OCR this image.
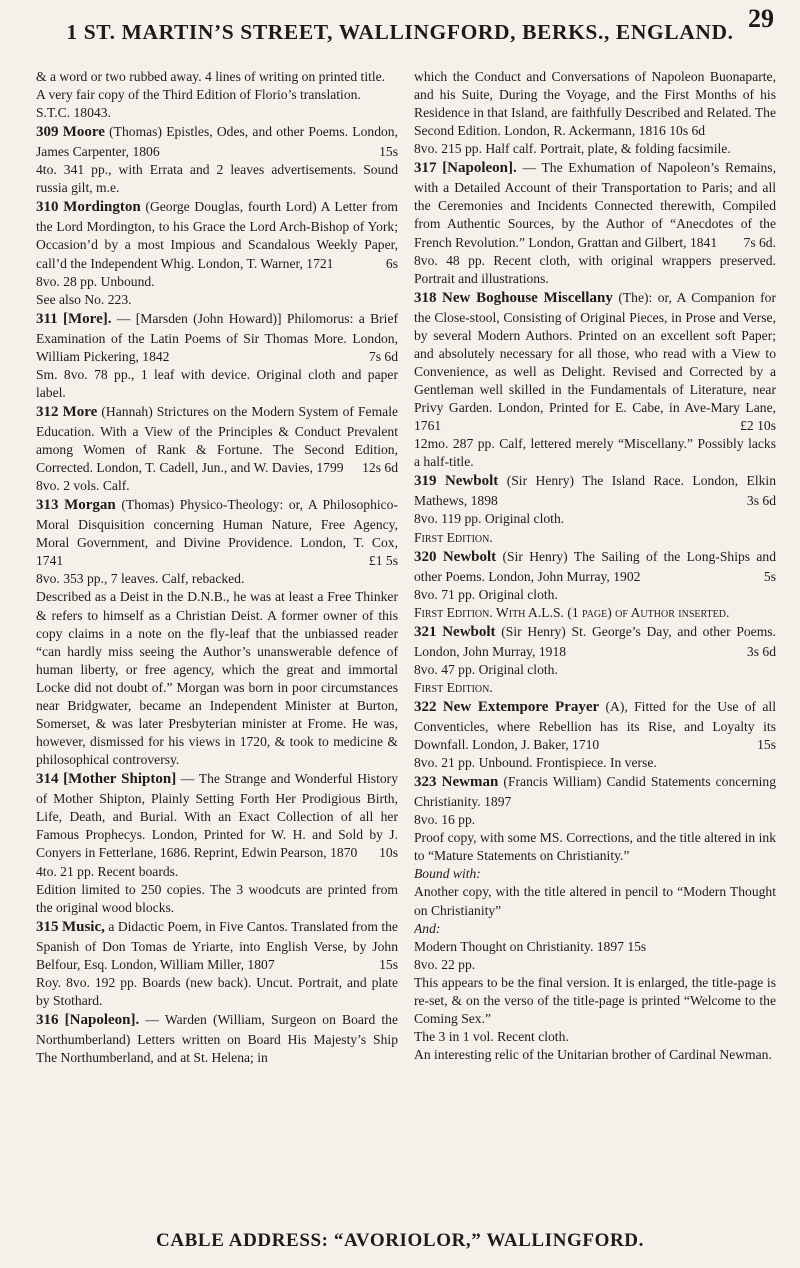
29
1 ST. MARTIN’S STREET, WALLINGFORD, BERKS., ENGLAND.

& a word or two rubbed away. 4 lines of writing on printed title.

A very fair copy of the Third Edition of Florio’s translation.

S.T.C. 18043.

309 Moore (Thomas) Epistles, Odes, and other Poems. London, James Carpenter, 1806	15s

4to. 341 pp., with Errata and 2 leaves advertisements. Sound russia gilt, m.e.

310 Mordington (George Douglas, fourth Lord) A Letter from the Lord Mordington, to his Grace the Lord Arch-Bishop of York; Occasion’d by a most Impious and Scandalous Weekly Paper, call’d the Independent Whig. London, T. Warner, 1721	6s

8vo. 28 pp. Unbound.

See also No. 223.

311 [More]. — [Marsden (John Howard)] Philomorus: a Brief Examination of the Latin Poems of Sir Thomas More. London, William Pickering, 1842	7s 6d

Sm. 8vo. 78 pp., 1 leaf with device. Original cloth and paper label.

312 More (Hannah) Strictures on the Modern System of Female Education. With a View of the Principles & Conduct Prevalent among Women of Rank & Fortune. The Second Edition, Corrected. London, T. Cadell, Jun., and W. Davies, 1799 12s 6d

8vo. 2 vols. Calf.

313 Morgan (Thomas) Physico-Theology: or, A Philosophico-Moral Disquisition concerning Human Nature, Free Agency, Moral Government, and Divine Providence. London, T. Cox, 1741	£1 5s

8vo. 353 pp., 7 leaves. Calf, rebacked.

Described as a Deist in the D.N.B., he was at least a Free Thinker & refers to himself as a Christian Deist. A former owner of this copy claims in a note on the fly-leaf that the unbiassed reader “can hardly miss seeing the Author’s unanswerable defence of human liberty, or free agency, which the great and immortal Locke did not doubt of.” Morgan was born in poor circumstances near Bridgwater, became an Independent Minister at Burton, Somerset, & was later Presbyterian minister at Frome. He was, however, dismissed for his views in 1720, & took to medicine & philosophical controversy.

314 [Mother Shipton] — The Strange and Wonderful History of Mother Shipton, Plainly Setting Forth Her Prodigious Birth, Life, Death, and Burial. With an Exact Collection of all her Famous Prophecys. London, Printed for W. H. and Sold by J. Conyers in Fetterlane, 1686. Reprint, Edwin Pearson, 1870 10s

4to. 21 pp. Recent boards.

Edition limited to 250 copies. The 3 woodcuts are printed from the original wood blocks.

315 Music, a Didactic Poem, in Five Cantos. Translated from the Spanish of Don Tomas de Yriarte, into English Verse, by John Belfour, Esq. London, William Miller, 1807	15s

Roy. 8vo. 192 pp. Boards (new back). Uncut. Portrait, and plate by Stothard.

316 [Napoleon]. — Warden (William, Surgeon on Board the Northumberland) Letters written on Board His Majesty’s Ship The Northumberland, and at St. Helena; in

which the Conduct and Conversations of Napoleon Buonaparte, and his Suite, During the Voyage, and the First Months of his Residence in that Island, are faithfully Described and Related. The Second Edition. London, R. Ackermann, 1816 10s 6d

8vo. 215 pp. Half calf. Portrait, plate, & folding facsimile.

317 [Napoleon]. — The Exhumation of Napoleon’s Remains, with a Detailed Account of their Transportation to Paris; and all the Ceremonies and Incidents Connected therewith, Compiled from Authentic Sources, by the Author of “Anecdotes of the French Revolution.” London, Grattan and Gilbert, 1841 7s 6d.

8vo. 48 pp. Recent cloth, with original wrappers preserved. Portrait and illustrations.

318 New Boghouse Miscellany (The): or, A Companion for the Close-stool, Consisting of Original Pieces, in Prose and Verse, by several Modern Authors. Printed on an excellent soft Paper; and absolutely necessary for all those, who read with a View to Convenience, as well as Delight. Revised and Corrected by a Gentleman well skilled in the Fundamentals of Literature, near Privy Garden. London, Printed for E. Cabe, in Ave-Mary Lane, 1761	£2 10s

12mo. 287 pp. Calf, lettered merely “Miscellany.” Possibly lacks a half-title.

319 Newbolt (Sir Henry) The Island Race. London, Elkin Mathews, 1898	3s 6d

8vo. 119 pp. Original cloth.

First Edition.

320 Newbolt (Sir Henry) The Sailing of the Long-Ships and other Poems. London, John Murray, 1902	5s

8vo. 71 pp. Original cloth.

First Edition. With A.L.S. (1 page) of Author inserted.

321 Newbolt (Sir Henry) St. George’s Day, and other Poems. London, John Murray, 1918	3s 6d

8vo. 47 pp. Original cloth.

First Edition.

322 New Extempore Prayer (A), Fitted for the Use of all Conventicles, where Rebellion has its Rise, and Loyalty its Downfall. London, J. Baker, 1710	15s

8vo. 21 pp. Unbound. Frontispiece. In verse.

323 Newman (Francis William) Candid Statements concerning Christianity. 1897

8vo. 16 pp.

Proof copy, with some MS. Corrections, and the title altered in ink to “Mature Statements on Christianity.”

Bound with:

Another copy, with the title altered in pencil to “Modern Thought on Christianity”

And:

Modern Thought on Christianity. 1897 15s

8vo. 22 pp.

This appears to be the final version. It is enlarged, the title-page is re-set, & on the verso of the title-page is printed “Welcome to the Coming Sex.”

The 3 in 1 vol. Recent cloth.

An interesting relic of the Unitarian brother of Cardinal Newman.

CABLE ADDRESS: “AVORIOLOR,” WALLINGFORD.
